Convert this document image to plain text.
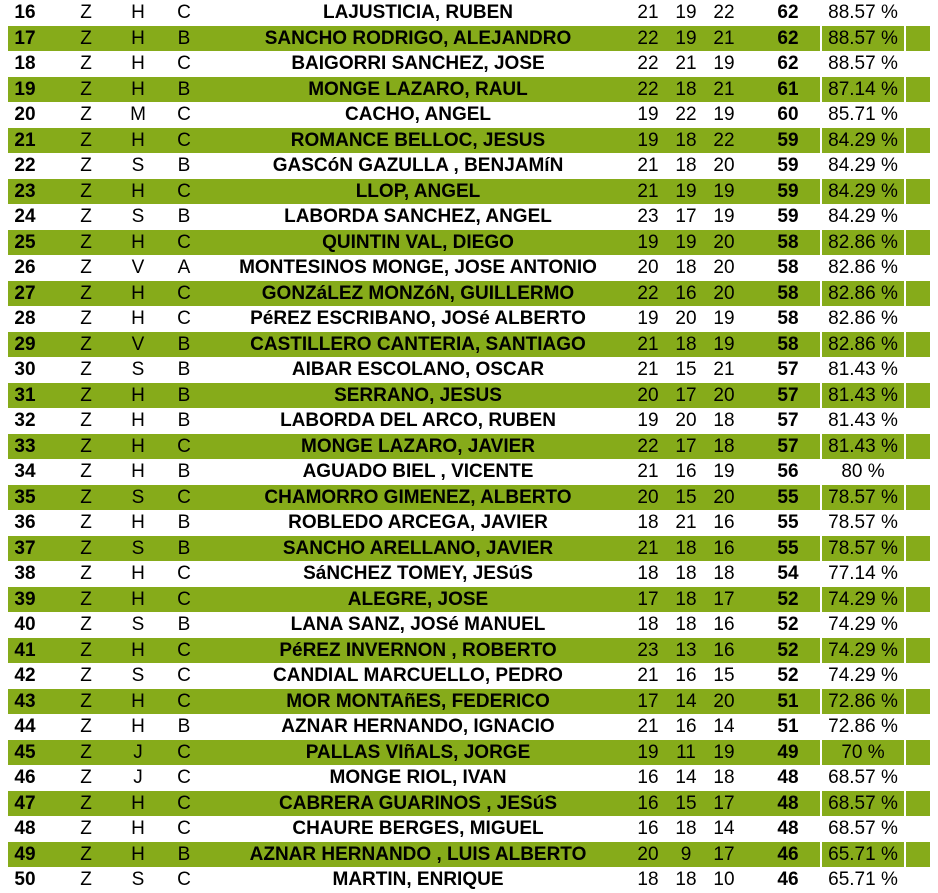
16	Z H C	LAJUSTICIA, RUBEN	21 19 22	62	88.57 %
17	Z H B	SANCHO RODRIGO, ALEJANDRO	22 19 21	62	88.57 %
18	Z H C	BAIGORRI SANCHEZ, JOSE	22 21 19	62	88.57 %
19	Z H B	MONGE LAZARO, RAUL	22 18 21	61	87.14 %
20	Z M C	CACHO, ANGEL	19 22 19	60	85.71 %
21	Z H C	ROMANCE BELLOC, JESUS	19 18 22	59	84.29 %
22	Z S B	GASCóN GAZULLA , BENJAMíN	21 18 20	59	84.29 %
23	Z H C	LLOP, ANGEL	21 19 19	59	84.29 %
24	Z S B	LABORDA SANCHEZ, ANGEL	23 17 19	59	84.29 %
25	Z H C	QUINTIN VAL, DIEGO	19 19 20	58	82.86 %
26	Z V A	MONTESINOS MONGE, JOSE ANTONIO	20 18 20	58	82.86 %
27	Z H C	GONZáLEZ MONZóN, GUILLERMO	22 16 20	58	82.86 %
28	Z H C	PéREZ ESCRIBANO, JOSé ALBERTO	19 20 19	58	82.86 %
29	Z V B	CASTILLERO CANTERIA, SANTIAGO	21 18 19	58	82.86 %
30	Z S B	AIBAR ESCOLANO, OSCAR	21 15 21	57	81.43 %
31	Z H B	SERRANO, JESUS	20 17 20	57	81.43 %
32	Z H B	LABORDA DEL ARCO, RUBEN	19 20 18	57	81.43 %
33	Z H C	MONGE LAZARO, JAVIER	22 17 18	57	81.43 %
34	Z H B	AGUADO BIEL , VICENTE	21 16 19	56	80 %
35	Z S C	CHAMORRO GIMENEZ, ALBERTO	20 15 20	55	78.57 %
36	Z H B	ROBLEDO ARCEGA, JAVIER	18 21 16	55	78.57 %
37	Z S B	SANCHO ARELLANO, JAVIER	21 18 16	55	78.57 %
38	Z H C	SáNCHEZ TOMEY, JESúS	18 18 18	54	77.14 %
39	Z H C	ALEGRE, JOSE	17 18 17	52	74.29 %
40	Z S B	LANA SANZ, JOSé MANUEL	18 18 16	52	74.29 %
41	Z H C	PéREZ INVERNON , ROBERTO	23 13 16	52	74.29 %
42	Z S C	CANDIAL MARCUELLO, PEDRO	21 16 15	52	74.29 %
43	Z H C	MOR MONTAñES, FEDERICO	17 14 20	51	72.86 %
44	Z H B	AZNAR HERNANDO, IGNACIO	21 16 14	51	72.86 %
45	Z	J	C	PALLAS VIñALS, JORGE	19 11 19	49	70 %
46	Z	J	C	MONGE RIOL, IVAN	16 14 18	48	68.57 %
47	Z H C	CABRERA GUARINOS , JESúS	16 15 17	48	68.57 %
48	Z H C	CHAURE BERGES, MIGUEL	16 18 14	48	68.57 %
49	Z H B	AZNAR HERNANDO , LUIS ALBERTO	20	9	17	46	65.71 %
50	Z S C	MARTIN, ENRIQUE	18 18 10	46	65.71 %
